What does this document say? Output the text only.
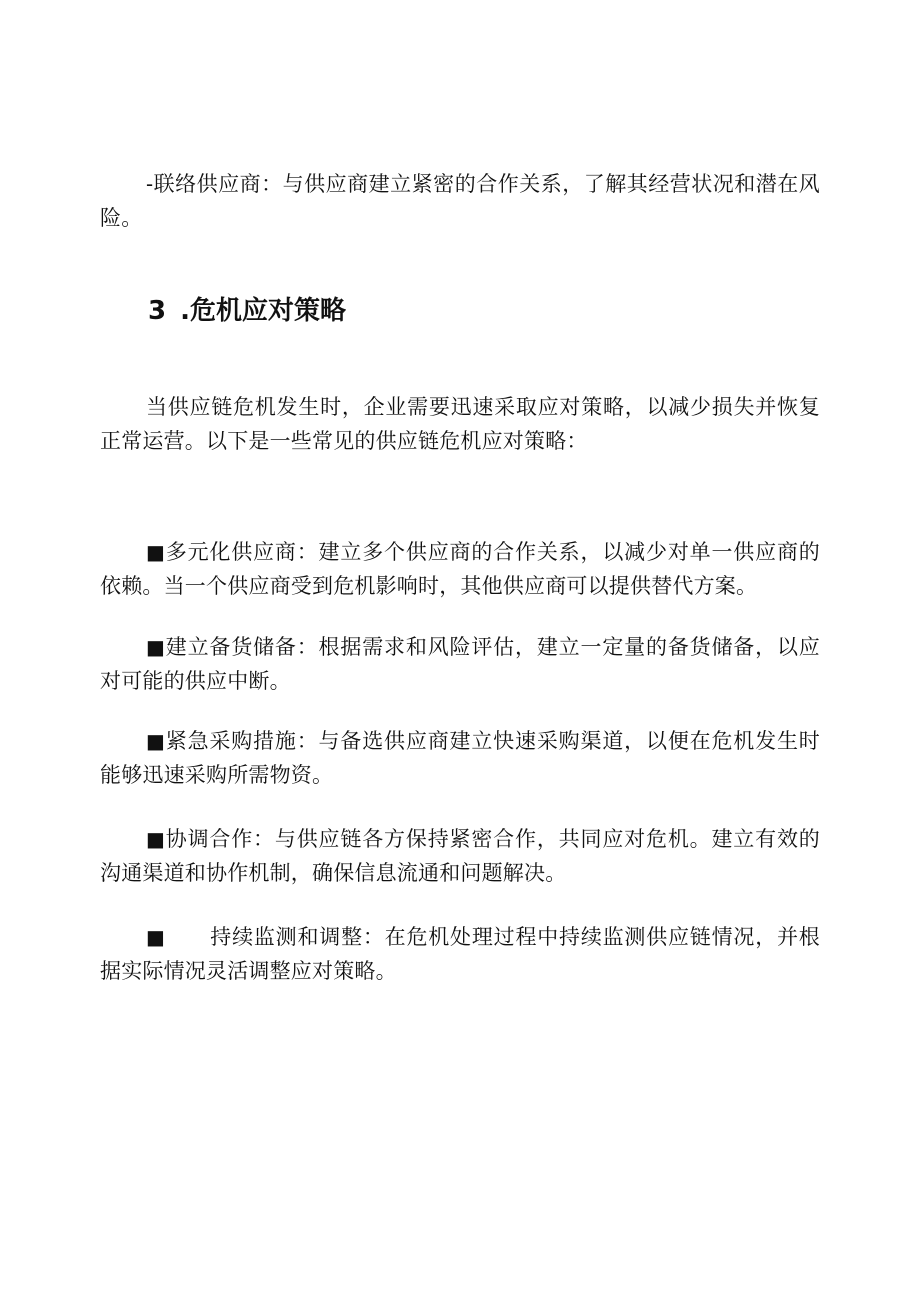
-联络供应商：与供应商建立紧密的合作关系，了解其经营状况和潜在风险。

3 .危机应对策略

当供应链危机发生时，企业需要迅速采取应对策略，以减少损失并恢复正常运营。以下是一些常见的供应链危机应对策略：

■多元化供应商：建立多个供应商的合作关系，以减少对单一供应商的依赖。当一个供应商受到危机影响时，其他供应商可以提供替代方案。

■建立备货储备：根据需求和风险评估，建立一定量的备货储备，以应对可能的供应中断。

■紧急采购措施：与备选供应商建立快速采购渠道，以便在危机发生时能够迅速采购所需物资。

■协调合作：与供应链各方保持紧密合作，共同应对危机。建立有效的沟通渠道和协作机制，确保信息流通和问题解决。

■ 持续监测和调整：在危机处理过程中持续监测供应链情况，并根据实际情况灵活调整应对策略。
